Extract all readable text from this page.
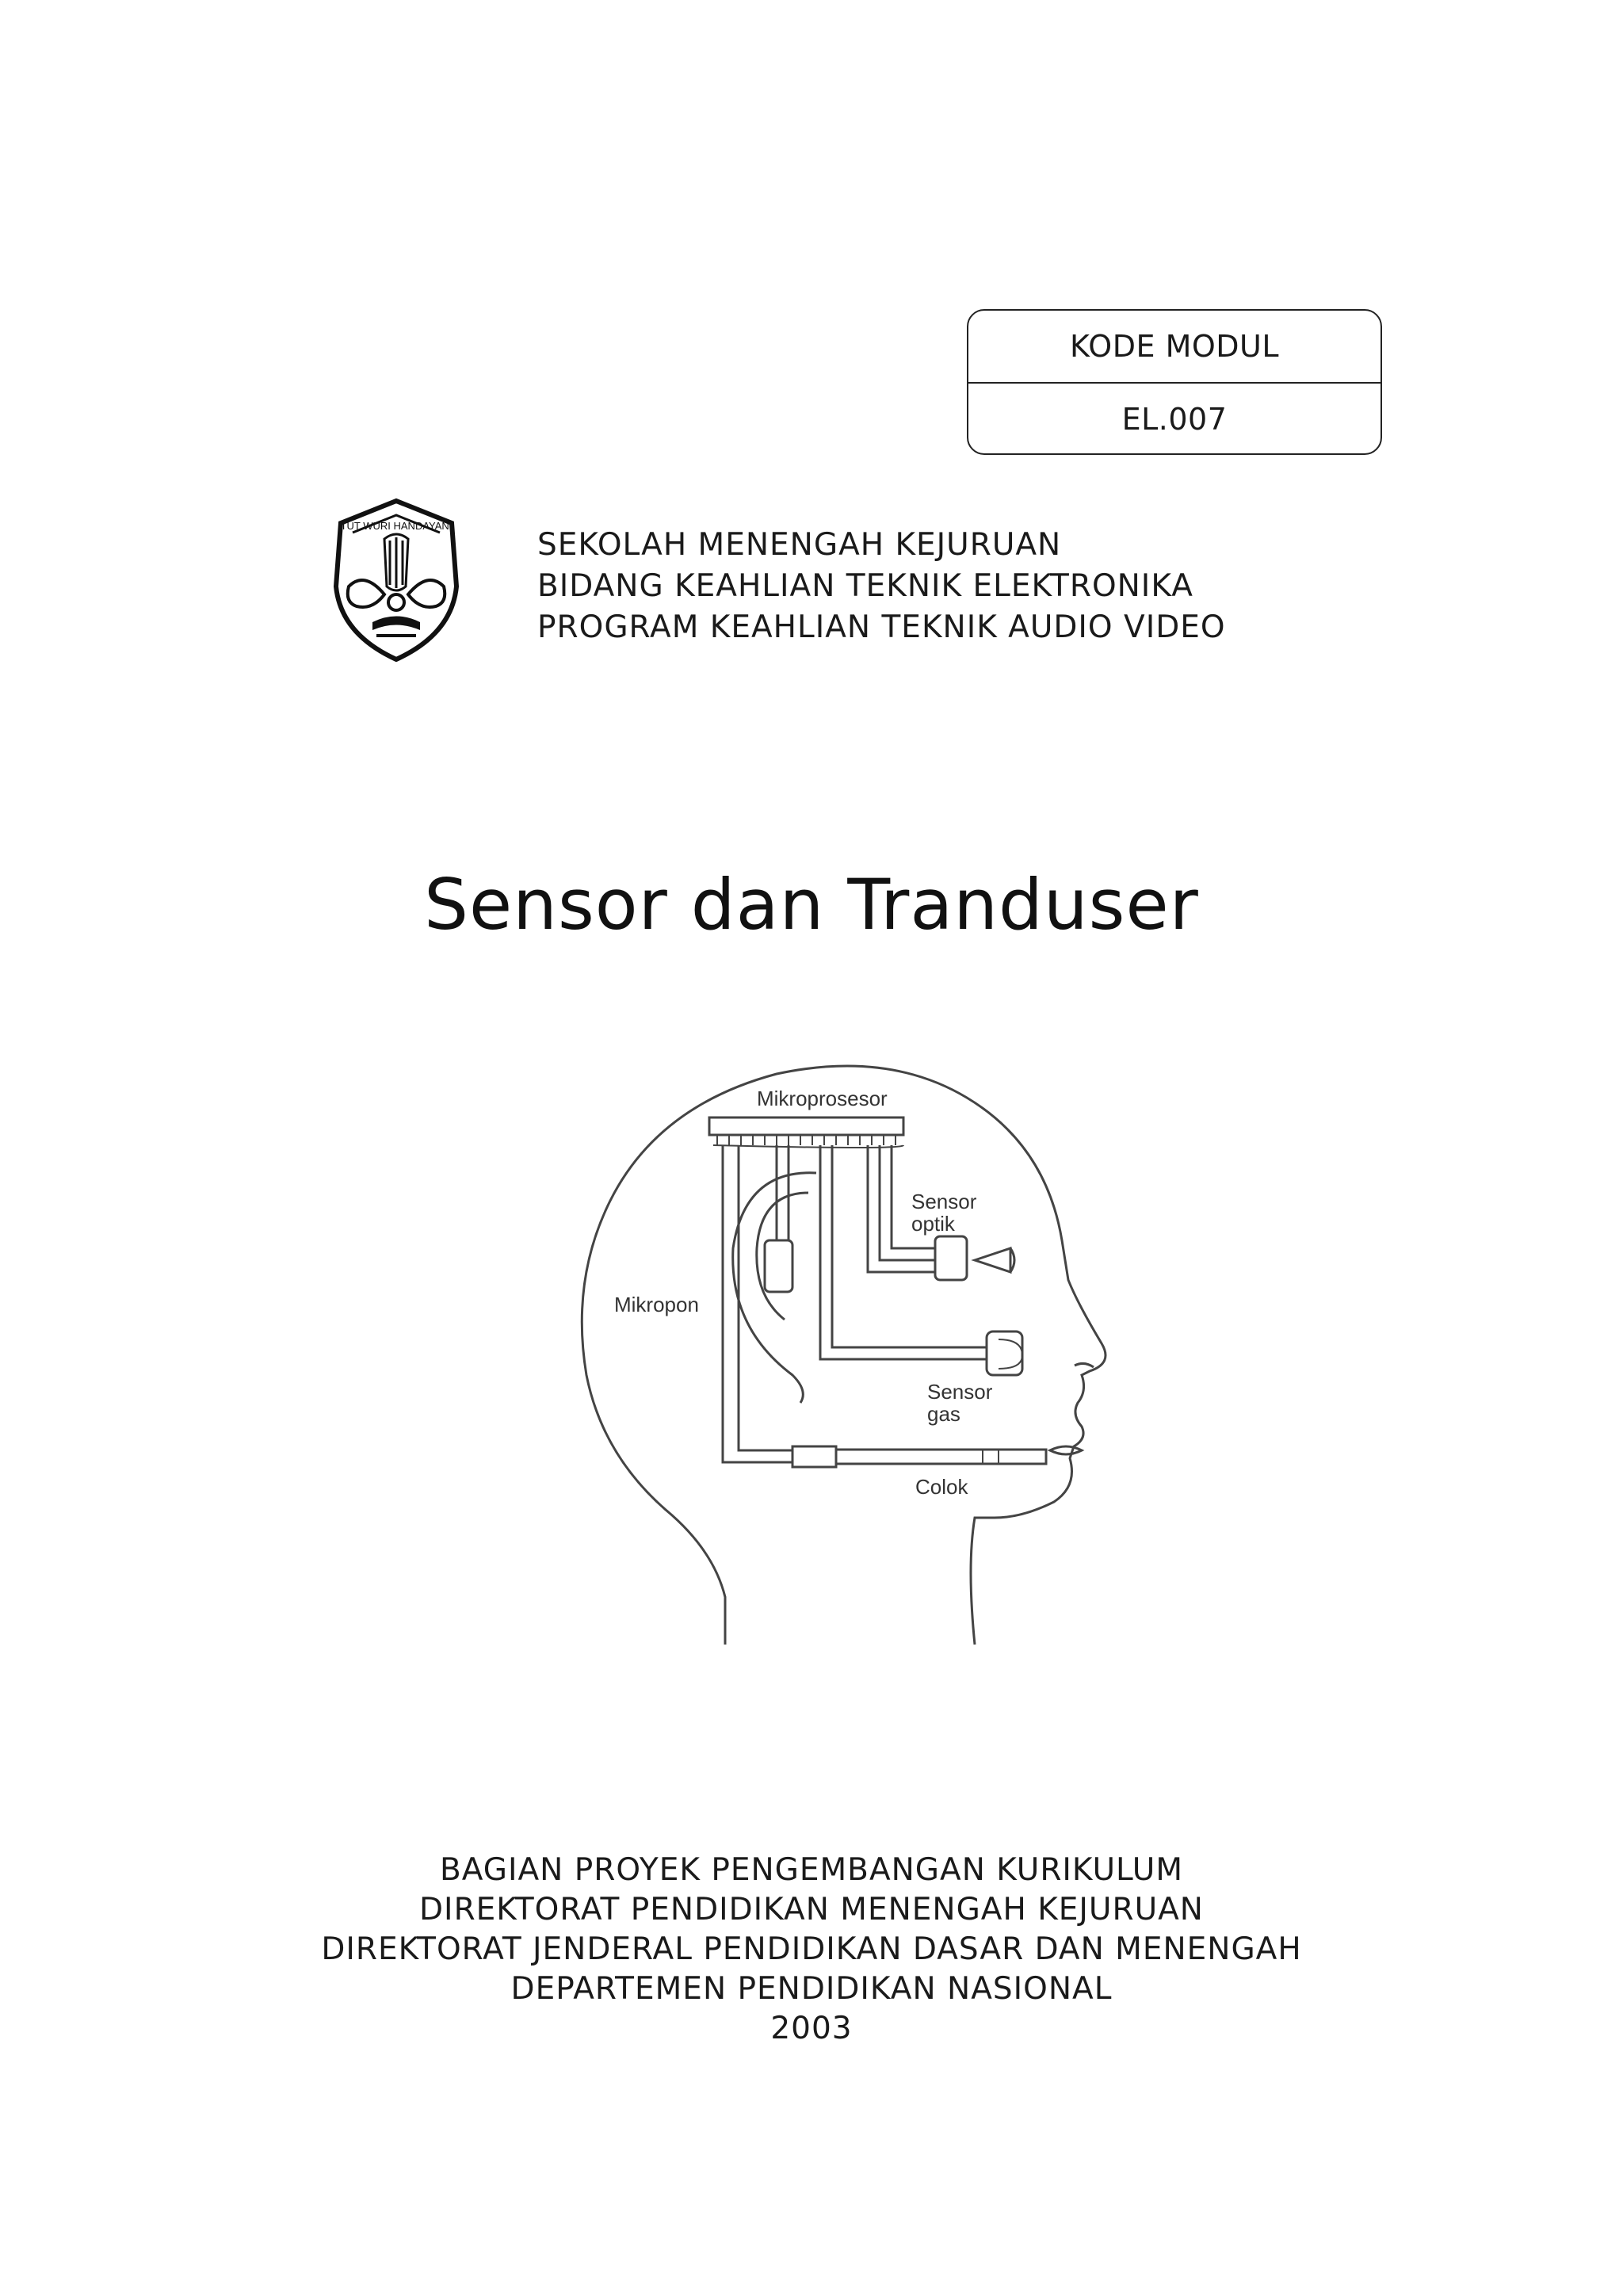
KODE MODUL
EL.007
TUT WURI HANDAYANI
SEKOLAH MENENGAH KEJURUAN
BIDANG KEAHLIAN TEKNIK ELEKTRONIKA
PROGRAM KEAHLIAN TEKNIK AUDIO VIDEO
Sensor dan Tranduser
Mikroprosesor
Sensor
optik
Mikropon
Sensor
gas
Colok
BAGIAN PROYEK PENGEMBANGAN KURIKULUM
DIREKTORAT PENDIDIKAN MENENGAH KEJURUAN
DIREKTORAT JENDERAL PENDIDIKAN DASAR DAN MENENGAH
DEPARTEMEN PENDIDIKAN NASIONAL
2003
